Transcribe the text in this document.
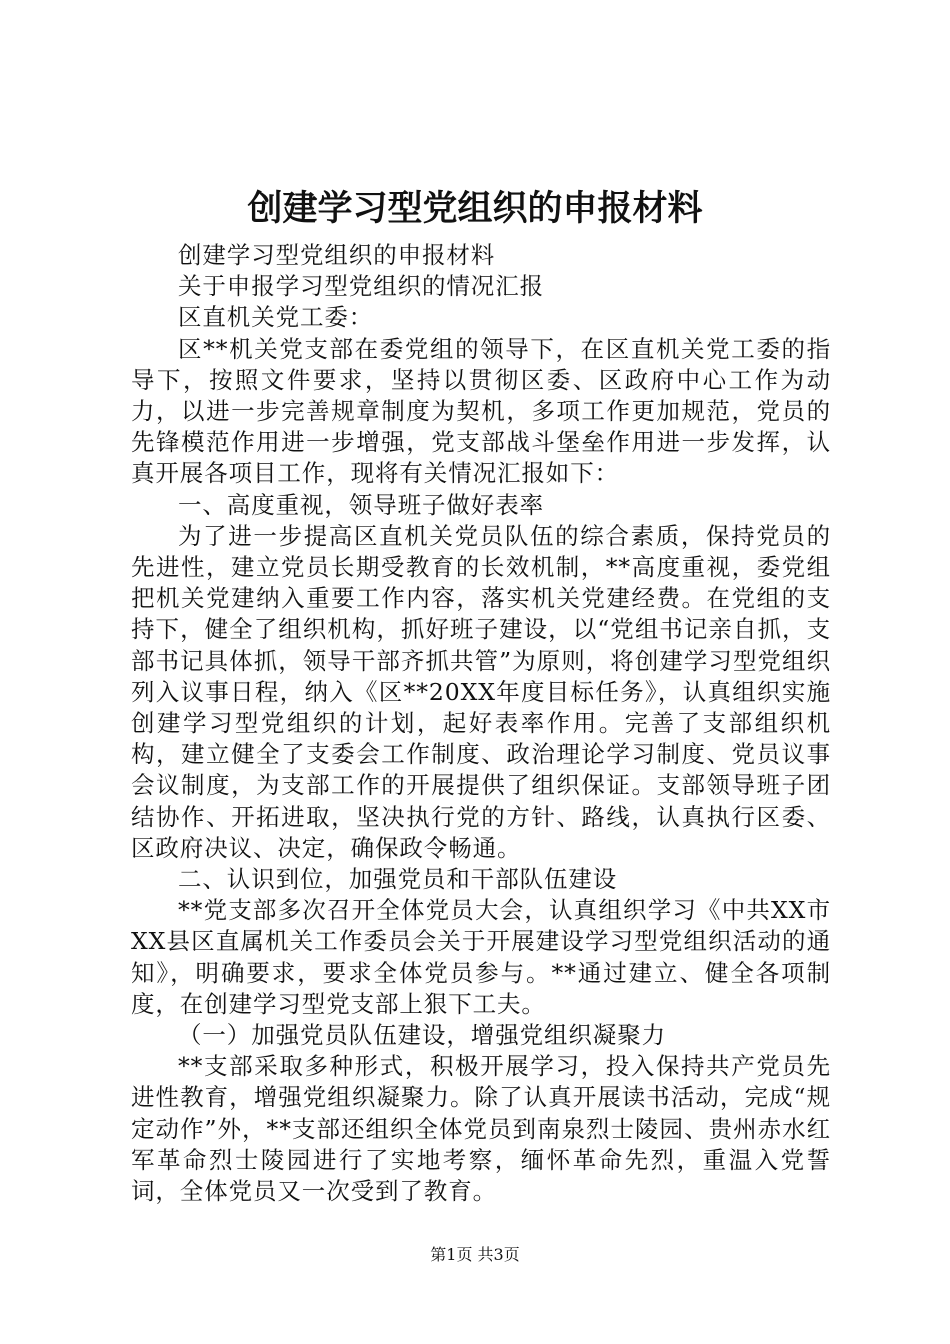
创建学习型党组织的申报材料

创建学习型党组织的申报材料

关于申报学习型党组织的情况汇报

区直机关党工委：

区**机关党支部在委党组的领导下，在区直机关党工委的指导下，按照文件要求，坚持以贯彻区委、区政府中心工作为动力，以进一步完善规章制度为契机，多项工作更加规范，党员的先锋模范作用进一步增强，党支部战斗堡垒作用进一步发挥，认真开展各项目工作，现将有关情况汇报如下：

一、高度重视，领导班子做好表率

为了进一步提高区直机关党员队伍的综合素质，保持党员的先进性，建立党员长期受教育的长效机制，**高度重视，委党组把机关党建纳入重要工作内容，落实机关党建经费。在党组的支持下，健全了组织机构，抓好班子建设，以“党组书记亲自抓，支部书记具体抓，领导干部齐抓共管”为原则，将创建学习型党组织列入议事日程，纳入《区**20XX年度目标任务》，认真组织实施创建学习型党组织的计划，起好表率作用。完善了支部组织机构，建立健全了支委会工作制度、政治理论学习制度、党员议事会议制度，为支部工作的开展提供了组织保证。支部领导班子团结协作、开拓进取，坚决执行党的方针、路线，认真执行区委、区政府决议、决定，确保政令畅通。

二、认识到位，加强党员和干部队伍建设

**党支部多次召开全体党员大会，认真组织学习《中共XX市XX县区直属机关工作委员会关于开展建设学习型党组织活动的通知》，明确要求，要求全体党员参与。**通过建立、健全各项制度，在创建学习型党支部上狠下工夫。

（一）加强党员队伍建设，增强党组织凝聚力

**支部采取多种形式，积极开展学习，投入保持共产党员先进性教育，增强党组织凝聚力。除了认真开展读书活动，完成“规定动作”外，**支部还组织全体党员到南泉烈士陵园、贵州赤水红军革命烈士陵园进行了实地考察，缅怀革命先烈，重温入党誓词，全体党员又一次受到了教育。

第1页 共3页
